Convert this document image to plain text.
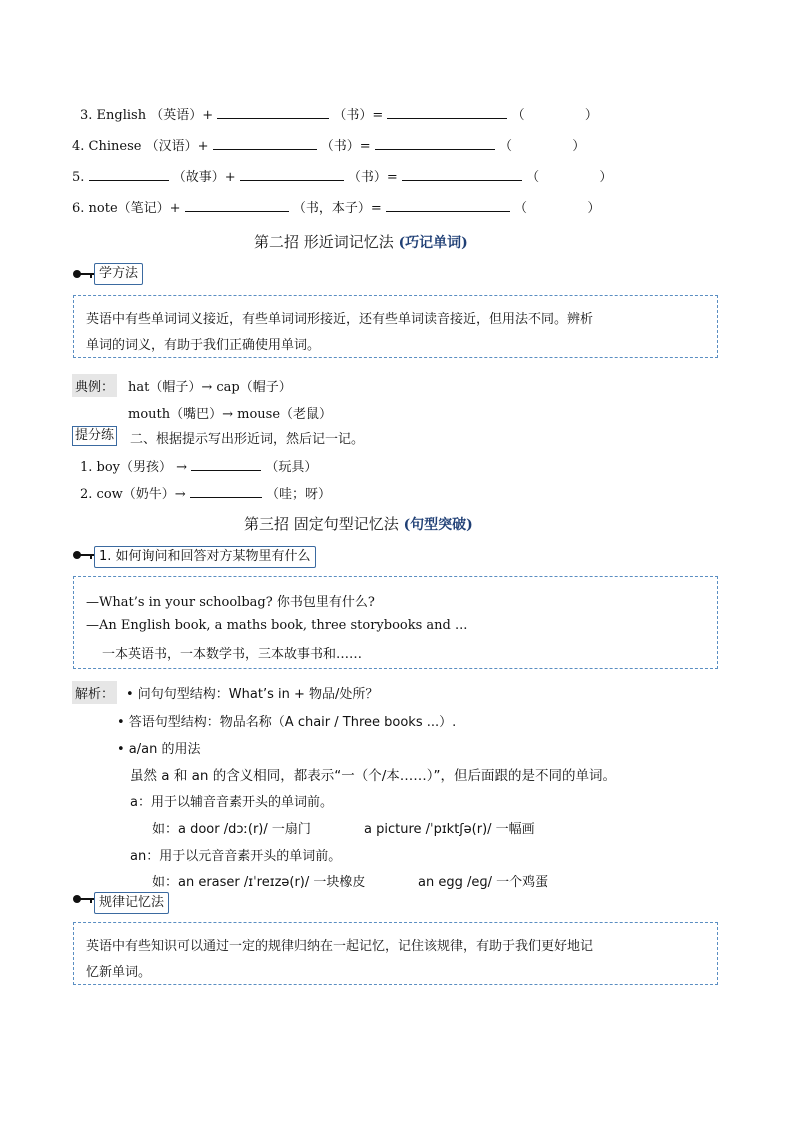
3. English （英语）+	（书）=	（	）
4. Chinese （汉语）+	（书）=	（	）
5.	（故事）+	（书）=	（	）
6. note（笔记）+	（书，本子）=	（	）
第二招 形近词记忆法 (巧记单词)
学方法
英语中有些单词词义接近，有些单词词形接近，还有些单词读音接近，但用法不同。辨析
单词的词义，有助于我们正确使用单词。
典例： hat（帽子）→ cap（帽子）
mouth（嘴巴）→ mouse（老鼠）
提分练 二、根据提示写出形近词，然后记一记。
1. boy（男孩） →	（玩具）
2. cow（奶牛）→	（哇；呀）
第三招 固定句型记忆法 (句型突破)
1. 如何询问和回答对方某物里有什么
—What’s in your schoolbag? 你书包里有什么?
—An English book, a maths book, three storybooks and ...
一本英语书，一本数学书，三本故事书和……
解析： • 问句句型结构：What’s in + 物品/处所？
• 答语句型结构：物品名称（A chair / Three books ...）.
• a/an 的用法
虽然 a 和 an 的含义相同，都表示“一（个/本……）”，但后面跟的是不同的单词。
a：用于以辅音音素开头的单词前。
如：a door /dɔː(r)/ 一扇门	a picture /ˈpɪktʃə(r)/ 一幅画
an：用于以元音音素开头的单词前。
如：an eraser /ɪˈreɪzə(r)/ 一块橡皮	an egg /eɡ/ 一个鸡蛋
规律记忆法
英语中有些知识可以通过一定的规律归纳在一起记忆，记住该规律，有助于我们更好地记
忆新单词。
